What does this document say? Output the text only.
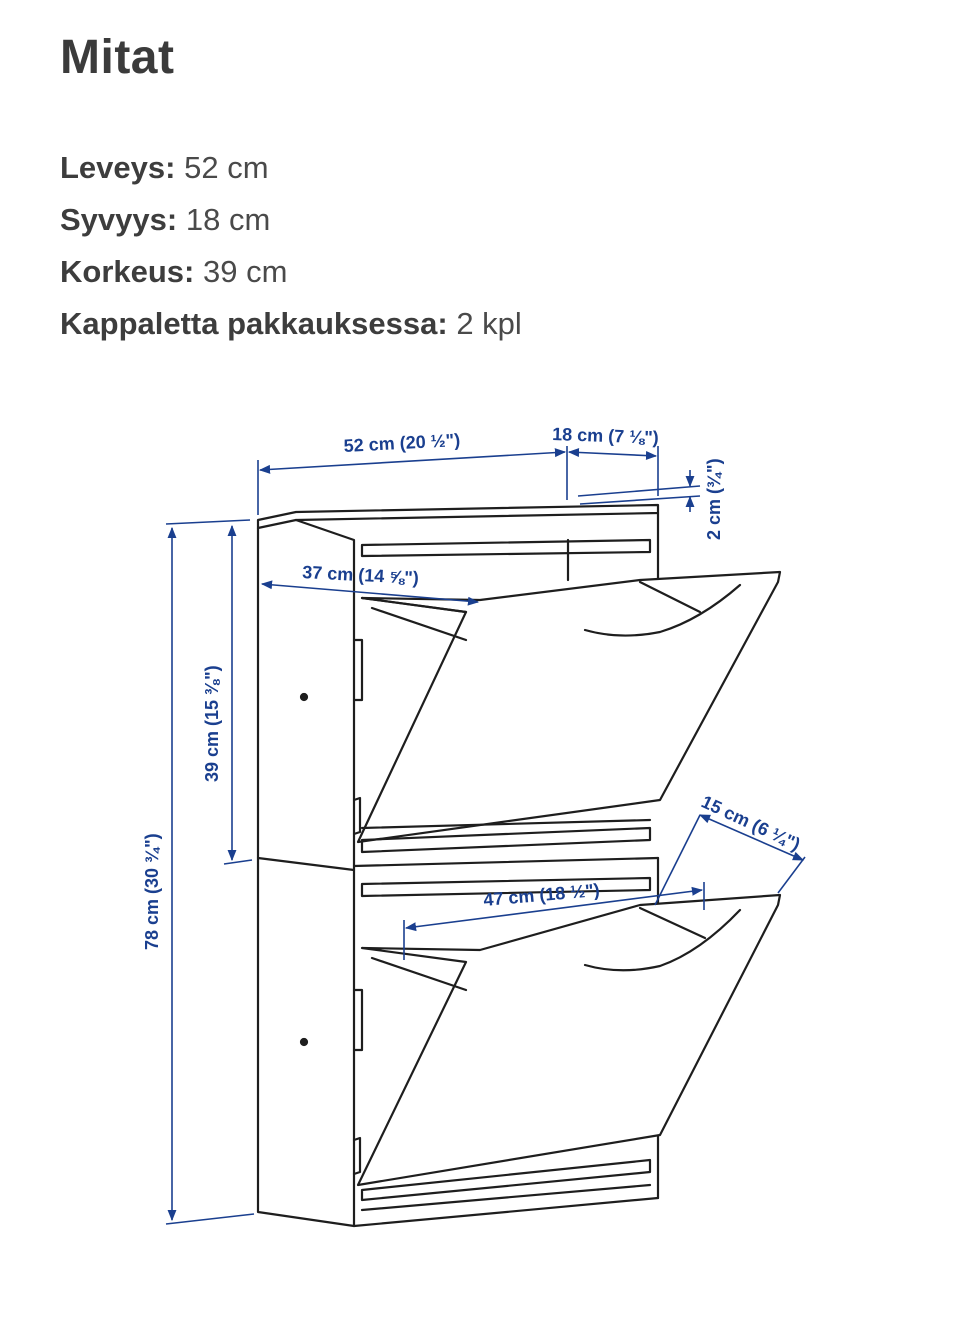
Mitat
Leveys: 52 cm
Syvyys: 18 cm
Korkeus: 39 cm
Kappaletta pakkauksessa: 2 kpl
52 cm (20 ½")	18 cm (7 ⅛")
2 cm (¾")
78 cm (30 ¾")
39 cm (15 ⅜")
37 cm (14 ⅝")
47 cm (18 ½")
15 cm (6 ¼")
